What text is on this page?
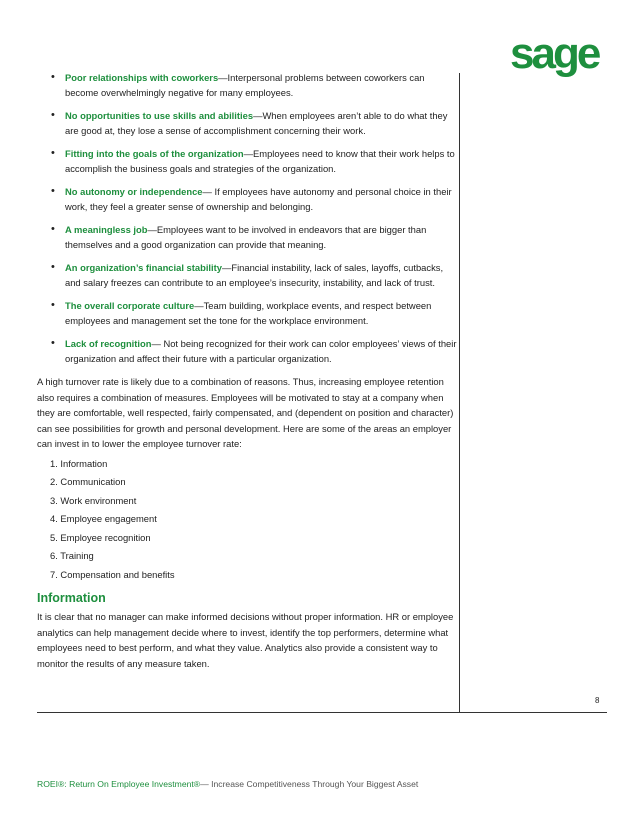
sage
• Poor relationships with coworkers—Interpersonal problems between coworkers can become overwhelmingly negative for many employees.
• No opportunities to use skills and abilities—When employees aren’t able to do what they are good at, they lose a sense of accomplishment concerning their work.
• Fitting into the goals of the organization—Employees need to know that their work helps to accomplish the business goals and strategies of the organization.
• No autonomy or independence— If employees have autonomy and personal choice in their work, they feel a greater sense of ownership and belonging.
• A meaningless job—Employees want to be involved in endeavors that are bigger than themselves and a good organization can provide that meaning.
• An organization’s financial stability—Financial instability, lack of sales, layoffs, cutbacks, and salary freezes can contribute to an employee’s insecurity, instability, and lack of trust.
• The overall corporate culture—Team building, workplace events, and respect between employees and management set the tone for the workplace environment.
• Lack of recognition— Not being recognized for their work can color employees’ views of their organization and affect their future with a particular organization.

A high turnover rate is likely due to a combination of reasons. Thus, increasing employee retention also requires a combination of measures. Employees will be motivated to stay at a company when they are comfortable, well respected, fairly compensated, and (dependent on position and character) can see possibilities for growth and personal development. Here are some of the areas an employer can invest in to lower the employee turnover rate:

1. Information
2. Communication
3. Work environment
4. Employee engagement
5. Employee recognition
6. Training
7. Compensation and benefits
Information

It is clear that no manager can make informed decisions without proper information. HR or employee analytics can help management decide where to invest, identify the top performers, determine what employees need to best perform, and what they value. Analytics also provide a consistent way to monitor the results of any measure taken.

8
ROEI®: Return On Employee Investment®— Increase Competitiveness Through Your Biggest Asset
